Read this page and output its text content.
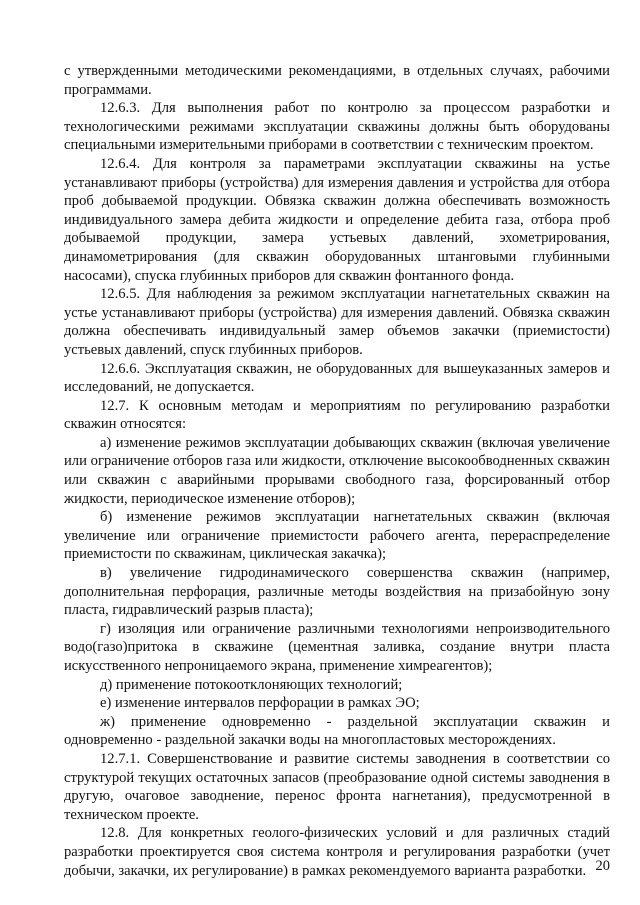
с утвержденными методическими рекомендациями, в отдельных случаях, рабочими программами.

12.6.3. Для выполнения работ по контролю за процессом разработки и технологическими режимами эксплуатации скважины должны быть оборудованы специальными измерительными приборами в соответствии с техническим проектом.

12.6.4. Для контроля за параметрами эксплуатации скважины на устье устанавливают приборы (устройства) для измерения давления и устройства для отбора проб добываемой продукции. Обвязка скважин должна обеспечивать возможность индивидуального замера дебита жидкости и определение дебита газа, отбора проб добываемой продукции, замера устьевых давлений, эхометрирования, динамометрирования (для скважин оборудованных штанговыми глубинными насосами), спуска глубинных приборов для скважин фонтанного фонда.

12.6.5. Для наблюдения за режимом эксплуатации нагнетательных скважин на устье устанавливают приборы (устройства) для измерения давлений. Обвязка скважин должна обеспечивать индивидуальный замер объемов закачки (приемистости) устьевых давлений, спуск глубинных приборов.

12.6.6. Эксплуатация скважин, не оборудованных для вышеуказанных замеров и исследований, не допускается.

12.7. К основным методам и мероприятиям по регулированию разработки скважин относятся:

а) изменение режимов эксплуатации добывающих скважин (включая увеличение или ограничение отборов газа или жидкости, отключение высокообводненных скважин или скважин с аварийными прорывами свободного газа, форсированный отбор жидкости, периодическое изменение отборов);

б) изменение режимов эксплуатации нагнетательных скважин (включая увеличение или ограничение приемистости рабочего агента, перераспределение приемистости по скважинам, циклическая закачка);

в) увеличение гидродинамического совершенства скважин (например, дополнительная перфорация, различные методы воздействия на призабойную зону пласта, гидравлический разрыв пласта);

г) изоляция или ограничение различными технологиями непроизводительного водо(газо)притока в скважине (цементная заливка, создание внутри пласта искусственного непроницаемого экрана, применение химреагентов);

д) применение потокоотклоняющих технологий;

е) изменение интервалов перфорации в рамках ЭО;

ж) применение одновременно - раздельной эксплуатации скважин и одновременно - раздельной закачки воды на многопластовых месторождениях.

12.7.1. Совершенствование и развитие системы заводнения в соответствии со структурой текущих остаточных запасов (преобразование одной системы заводнения в другую, очаговое заводнение, перенос фронта нагнетания), предусмотренной в техническом проекте.

12.8. Для конкретных геолого-физических условий и для различных стадий разработки проектируется своя система контроля и регулирования разработки (учет добычи, закачки, их регулирование) в рамках рекомендуемого варианта разработки. 20
